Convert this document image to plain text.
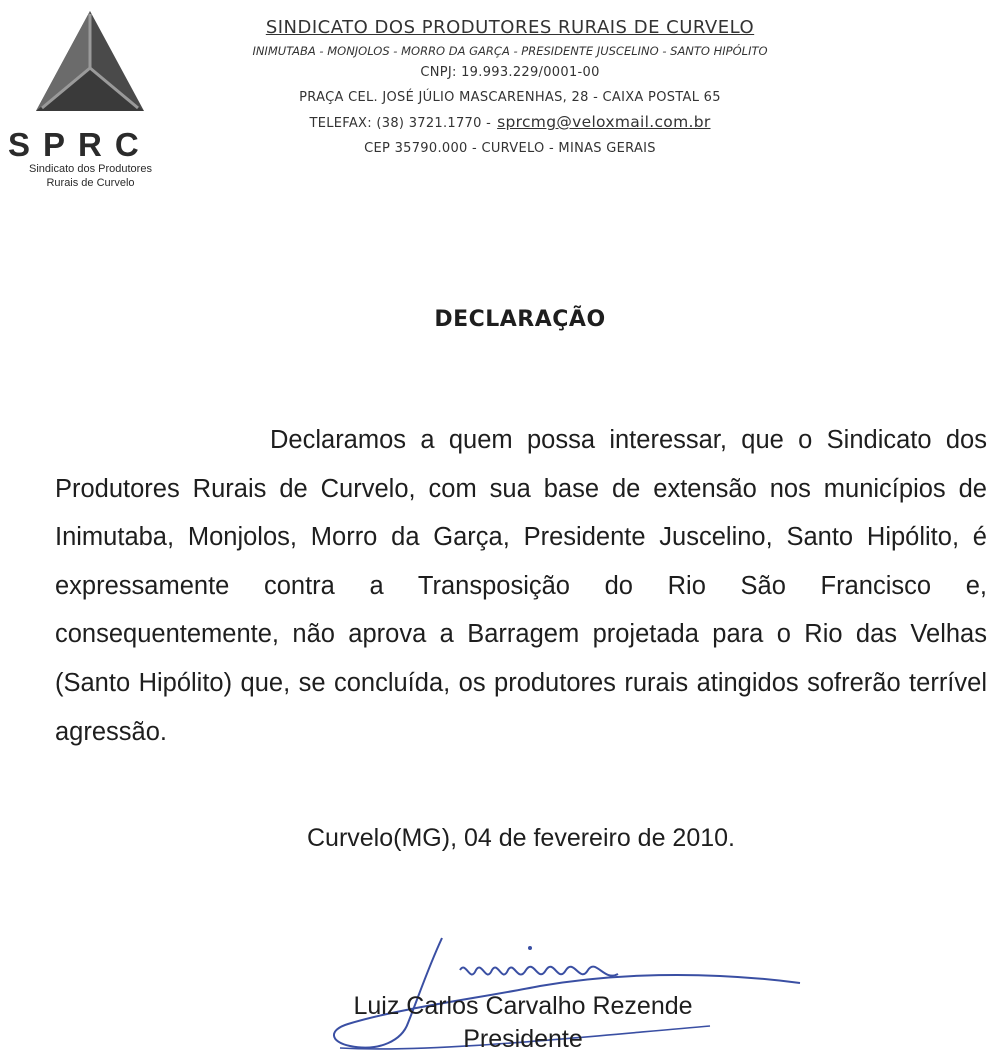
SPRC
Sindicato dos Produtores
Rurais de Curvelo
SINDICATO DOS PRODUTORES RURAIS DE CURVELO
INIMUTABA - MONJOLOS - MORRO DA GARÇA - PRESIDENTE JUSCELINO - SANTO HIPÓLITO
CNPJ: 19.993.229/0001-00
PRAÇA CEL. JOSÉ JÚLIO MASCARENHAS, 28 - CAIXA POSTAL 65
TELEFAX: (38) 3721.1770 - sprcmg@veloxmail.com.br
CEP 35790.000 - CURVELO - MINAS GERAIS
DECLARAÇÃO
Declaramos a quem possa interessar, que o Sindicato dos Produtores Rurais de Curvelo, com sua base de extensão nos municípios de Inimutaba, Monjolos, Morro da Garça, Presidente Juscelino, Santo Hipólito, é expressamente contra a Transposição do Rio São Francisco e, consequentemente, não aprova a Barragem projetada para o Rio das Velhas (Santo Hipólito) que, se concluída, os produtores rurais atingidos sofrerão terrível agressão.
Curvelo(MG), 04 de fevereiro de 2010.
Luiz Carlos Carvalho Rezende
Presidente
